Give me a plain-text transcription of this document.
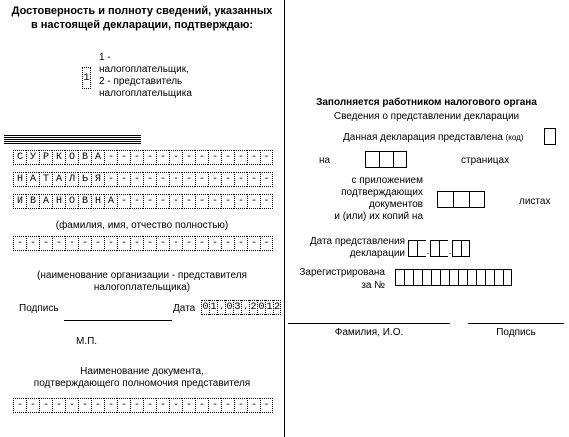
Достоверность и полноту сведений, указанных
в настоящей декларации, подтверждаю:
1
1 -
налогоплательщик,
2 - представитель
налогоплательщика
С У Р К О В А - - - - - - - - - - - - -
Н А Т А Л Ь Я - - - - - - - - - - - - -
И В А Н О В Н А - - - - - - - - - - - -
(фамилия, имя, отчество полностью)
- - - - - - - - - - - - - - - - - - - -
(наименование организации - представителя
налогоплательщика)
Подпись	Дата 0 1 . 0 3 . 2 0 1 2
М.П.
Наименование документа,
подтверждающего полномочия представителя
- - - - - - - - - - - - - - - - - - - -
Заполняется работником налогового органа
Сведения о представлении декларации
Данная декларация представлена (код)
на	страницах
с приложением
подтверждающих
документов
и (или) их копий на
листах
Дата представления
декларации . .
Зарегистрирована
за №
Фамилия, И.О.	Подпись
